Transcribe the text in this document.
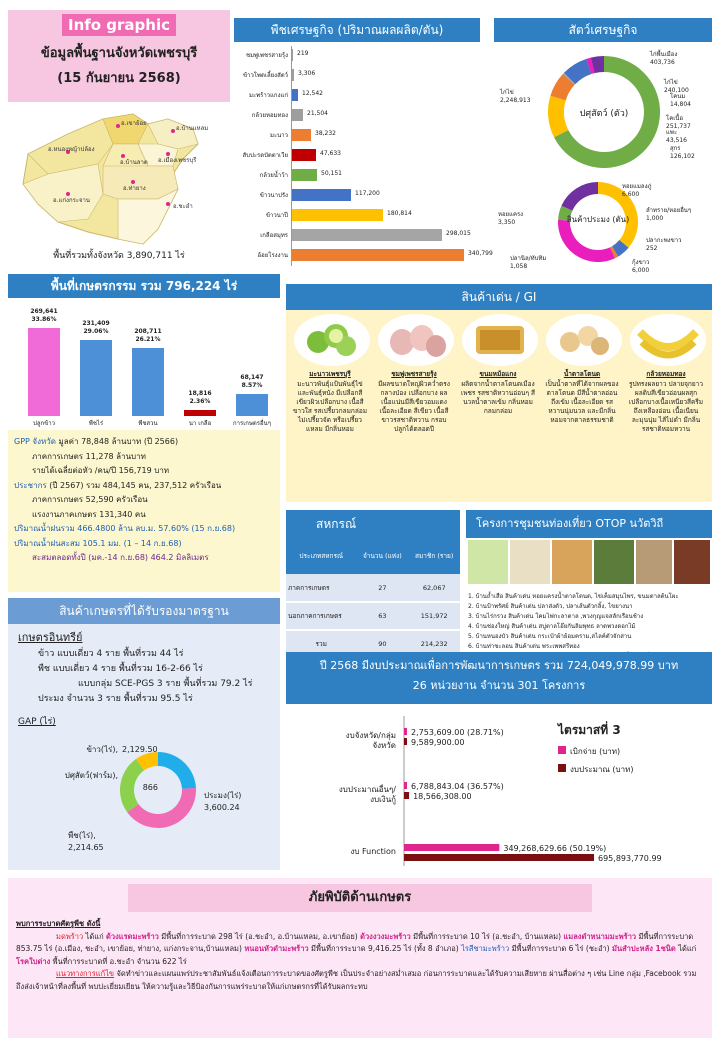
Info graphic
ข้อมูลพื้นฐานจังหวัดเพชรบุรี
(15 กันยายน 2568)
อ.เขาย้อย
อ.บ้านแหลม
อ.หนองหญ้าปล้อง
อ.บ้านลาด อ.เมืองเพชรบุรี
อ.แก่งกระจาน
อ.ท่ายาง
อ.ชะอำ
พื้นที่รวมทั้งจังหวัด 3,890,711 ไร่
พืชเศรษฐกิจ (ปริมาณผลผลิต/ตัน)
ชมพู่เพชรสายรุ้ง 219
ข้าวโพดเลี้ยงสัตว์ 3,306
มะพร้าวแกงแก่ 12,542
กล้วยหอมทอง	21,504
มะนาว	38,232
สับปะรดบัตตาเวีย	47,633
กล้วยน้ำว้า	50,151
ข้าวนาปรัง	117,200
ข้าวนาปี	180,814
เกลือสมุทร	298,015
อ้อยโรงงาน	340,799
สัตว์เศรษฐกิจ
ปศุสัตว์ (ตัว)
ไก่ไข่
2,248,913
ไก่พื้นเมือง
403,736
ไก่ไข่
240,100
โคนม
14,804
โคเนื้อ
251,737
แพะ
43,516
สุกร
126,102
สินค้าประมง (ตัน)
หอยแมลงภู่
6,600
ลำทราย/หอยอื่นๆ
1,000
ปลากะพงขาว
252
กุ้งขาว
6,000
ปลานิล/ทับทิม
1,058
หอยแครง
3,350
พื้นที่เกษตรกรรม รวม 796,224 ไร่
269,641
33.86%
ปลูกข้าว
231,409
29.06%
พืชไร่
208,711
26.21%
พืชสวน
18,816
2.36%
นา เกลือ
68,147
8.57%
การเกษตรอื่นๆ
GPP จังหวัด มูลค่า 78,848 ล้านบาท (ปี 2566)
ภาคการเกษตร 11,278 ล้านบาท
รายได้เฉลี่ยต่อหัว /คน/ปี 156,719 บาท
ประชากร (ปี 2567) รวม 484,145 คน, 237,512 ครัวเรือน
ภาคการเกษตร 52,590 ครัวเรือน
แรงงานภาคเกษตร 131,340 คน
ปริมาณน้ำฝนรวม 466.4800 ล้าน ลบ.ม. 57.60% (15 ก.ย.68)
ปริมาณน้ำฝนสะสม 105.1 มม. (1 – 14 ก.ย.68)
สะสมตลอดทั้งปี (มค.-14 ก.ย.68) 464.2 มิลลิเมตร
สินค้าเกษตรที่ได้รับรองมาตรฐาน
เกษตรอินทรีย์
ข้าว แบบเดี่ยว 4 ราย พื้นที่รวม 44 ไร่
พืช แบบเดี่ยว 4 ราย พื้นที่รวม 16-2-66 ไร่
แบบกลุ่ม SCE-PGS 3 ราย พื้นที่รวม 79.2 ไร่
ประมง จำนวน 3 ราย พื้นที่รวม 95.5 ไร่
GAP (ไร่)
ข้าว(ไร่), 2,129.50
ประมง(ไร่)
3,600.24
พืช(ไร่),
2,214.65
ปศุสัตว์(ฟาร์ม),
866
สินค้าเด่น / GI
มะนาวเพชรบุรี
มะนาวพันธุ์แป้นพันธุ์ไข่ และพันธุ์หนัง มีเปลือกสีเขียวผิวเปลือกบาง เนื้อสีขาวใส รสเปรี้ยวกลมกล่อม ไม่เปรี้ยวจัด หรือเปรี้ยวแหลม มีกลิ่นหอม
ชมพู่เพชรสายรุ้ง
มีผลขนาดใหญ่ผิวคว่ำตรงกลางป่อง เปลือกบาง ผลเนื้อแน่นมีสีเขียวอมแดง เนื้อละเอียด สีเขียว เนื้อสีขาวรสชาติหวาน กรอบ ปลูกได้ตลอดปี
ขนมหม้อแกง
ผลิตจากน้ำตาลโตนดเมืองเพชร รสชาติหวานอ่อนๆ สีนวลน้ำตาลเข้ม กลิ่นหอม กลมกล่อม
น้ำตาลโตนด
เป็นน้ำตาลที่ได้จากผลของตาลโตนด มีสีน้ำตาลอ่อนถึงเข้ม เนื้อละเอียด รสหวานนุ่มนวล และมีกลิ่นหอมจากตาลธรรมชาติ
กล้วยหอมทอง
รูปทรงผลยาว ปลายจุกยาวผลดิบสีเขียวอ่อนผลสุกเปลือกบางเนื้อเหนียวสีครีมถึงเหลืองอ่อน เนื้อเนียนละมุนนุ่ม ไส้ไม่ดำ มีกลิ่นรสชาติหอมหวาน
สหกรณ์
ประเภทสหกรณ์	จำนวน (แห่ง)	สมาชิก (ราย)
ภาคการเกษตร	27	62,067
นอกภาคการเกษตร	63	151,972
รวม	90	214,232
โครงการชุมชนท่องเที่ยว OTOP นวัตวิถี
1. บ้านถ้ำเสือ สินค้าเด่น หอยแครงน้ำตาลโตนด, ไข่เค็มสมุนไพร, ขนมตาลต้นโผะ
2. บ้านป้าพรัศย์ สินค้าเด่น ปลาส่งตัว, ปลาเส้นตัวกลิ้ง, ไขยางนา
3. บ้านไร่กรวง สินค้าเด่น โคมไฟกะลาตาล ,พวงกุญแจสลักเรือนช้าง
4. บ้านช่องใหญ่ สินค้าเด่น สบู่ตาลโอ๊ยกันลิมพุทธ ลาดพวงดอกไม้
5. บ้านหนองบัว สินค้าเด่น กระเป๋าผ้าย้อมคราม,สไลค์ตัวจักสาน
6. บ้านท่าชะลอน สินค้าเด่น พระเพพสรีทอง
ปี 2568 มีงบประมาณเพื่อการพัฒนาการเกษตร รวม 724,049,978.99 บาท
26 หน่วยงาน จำนวน 301 โครงการ
ไตรมาสที่ 3
เบิกจ่าย (บาท)
งบประมาณ (บาท)
งบจังหวัด/กลุ่ม
จังหวัด
2,753,609.00 (28.71%)
9,589,900.00
งบประมาณอื่นๆ/
งบเงินกู้
6,788,843.04 (36.57%)
18,566,308.00
งบ Function	349,268,629.66 (50.19%)
695,893,770.99
ภัยพิบัติด้านเกษตร
พบการระบาดศัตรูพืช ดังนี้
มดพร้าว ได้แก่ ด้วงแรดมะพร้าว มีพื้นที่การระบาด 298 ไร่ (อ.ชะอำ, อ.บ้านแหลม, อ.เขาย้อย) ด้วงงวงมะพร้าว มีพื้นที่การระบาด 10 ไร่ (อ.ชะอำ, บ้านแหลม) แมลงดำหนามมะพร้าว มีพื้นที่การระบาด 853.75 ไร่ (อ.เมือง, ชะอำ, เขาย้อย, ท่ายาง, แก่งกระจาน,บ้านแหลม) หนอนหัวดำมะพร้าว มีพื้นที่การระบาด 9,416.25 ไร่ (ทั้ง 8 อำเภอ) ไรสีชามะพร้าว มีพื้นที่การระบาด 6 ไร่ (ชะอำ) มันสำปะหลัง 1ชนิด ได้แก่ โรคใบด่าง พื้นที่การระบาดที่ อ.ชะอำ จำนวน 622 ไร่
แนวทางการแก้ไข จัดทำข่าวและแผนแพร่ประชาสัมพันธ์แจ้งเตือนการระบาดของศัตรูพืช เป็นประจำอย่างสม่ำเสมอ ก่อนการระบาดและได้รับความเสียหาย ผ่านสื่อต่าง ๆ เช่น Line กลุ่ม ,Facebook รวมถึงส่งเจ้าหน้าที่ลงพื้นที่ พบปะเยี่ยมเยียน ให้ความรู้และวิธีป้องกันการแพร่ระบาดให้แก่เกษตรกรที่ได้รับผลกระทบ
